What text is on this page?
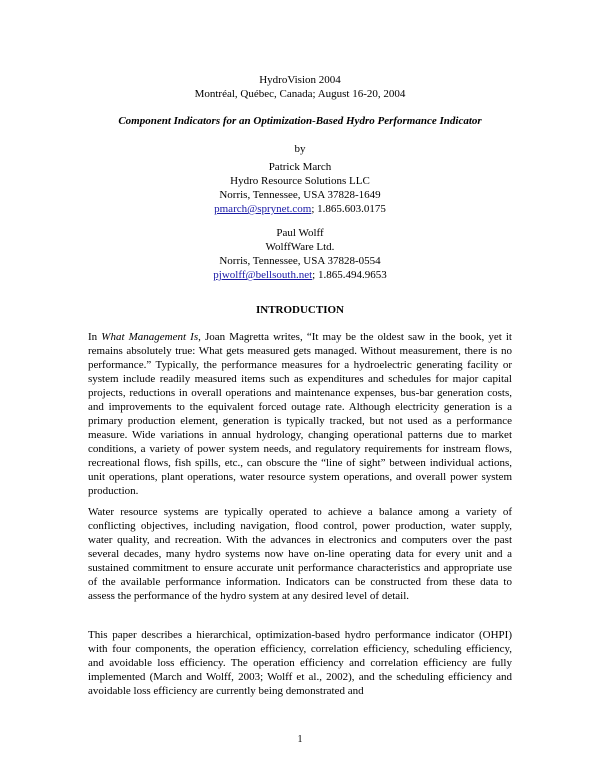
HydroVision 2004
Montréal, Québec, Canada; August 16-20, 2004
Component Indicators for an Optimization-Based Hydro Performance Indicator
by
Patrick March
Hydro Resource Solutions LLC
Norris, Tennessee, USA 37828-1649
pmarch@sprynet.com; 1.865.603.0175
Paul Wolff
WolffWare Ltd.
Norris, Tennessee, USA 37828-0554
pjwolff@bellsouth.net; 1.865.494.9653
INTRODUCTION
In What Management Is, Joan Magretta writes, “It may be the oldest saw in the book, yet it remains absolutely true: What gets measured gets managed. Without measurement, there is no performance.” Typically, the performance measures for a hydroelectric generating facility or system include readily measured items such as expenditures and schedules for major capital projects, reductions in overall operations and maintenance expenses, bus-bar generation costs, and improvements to the equivalent forced outage rate. Although electricity generation is a primary production element, generation is typically tracked, but not used as a performance measure. Wide variations in annual hydrology, changing operational patterns due to market conditions, a variety of power system needs, and regulatory requirements for instream flows, recreational flows, fish spills, etc., can obscure the “line of sight” between individual actions, unit operations, plant operations, water resource system operations, and overall power system production.
Water resource systems are typically operated to achieve a balance among a variety of conflicting objectives, including navigation, flood control, power production, water supply, water quality, and recreation. With the advances in electronics and computers over the past several decades, many hydro systems now have on-line operating data for every unit and a sustained commitment to ensure accurate unit performance characteristics and appropriate use of the available performance information. Indicators can be constructed from these data to assess the performance of the hydro system at any desired level of detail.
This paper describes a hierarchical, optimization-based hydro performance indicator (OHPI) with four components, the operation efficiency, correlation efficiency, scheduling efficiency, and avoidable loss efficiency. The operation efficiency and correlation efficiency are fully implemented (March and Wolff, 2003; Wolff et al., 2002), and the scheduling efficiency and avoidable loss efficiency are currently being demonstrated and
1
